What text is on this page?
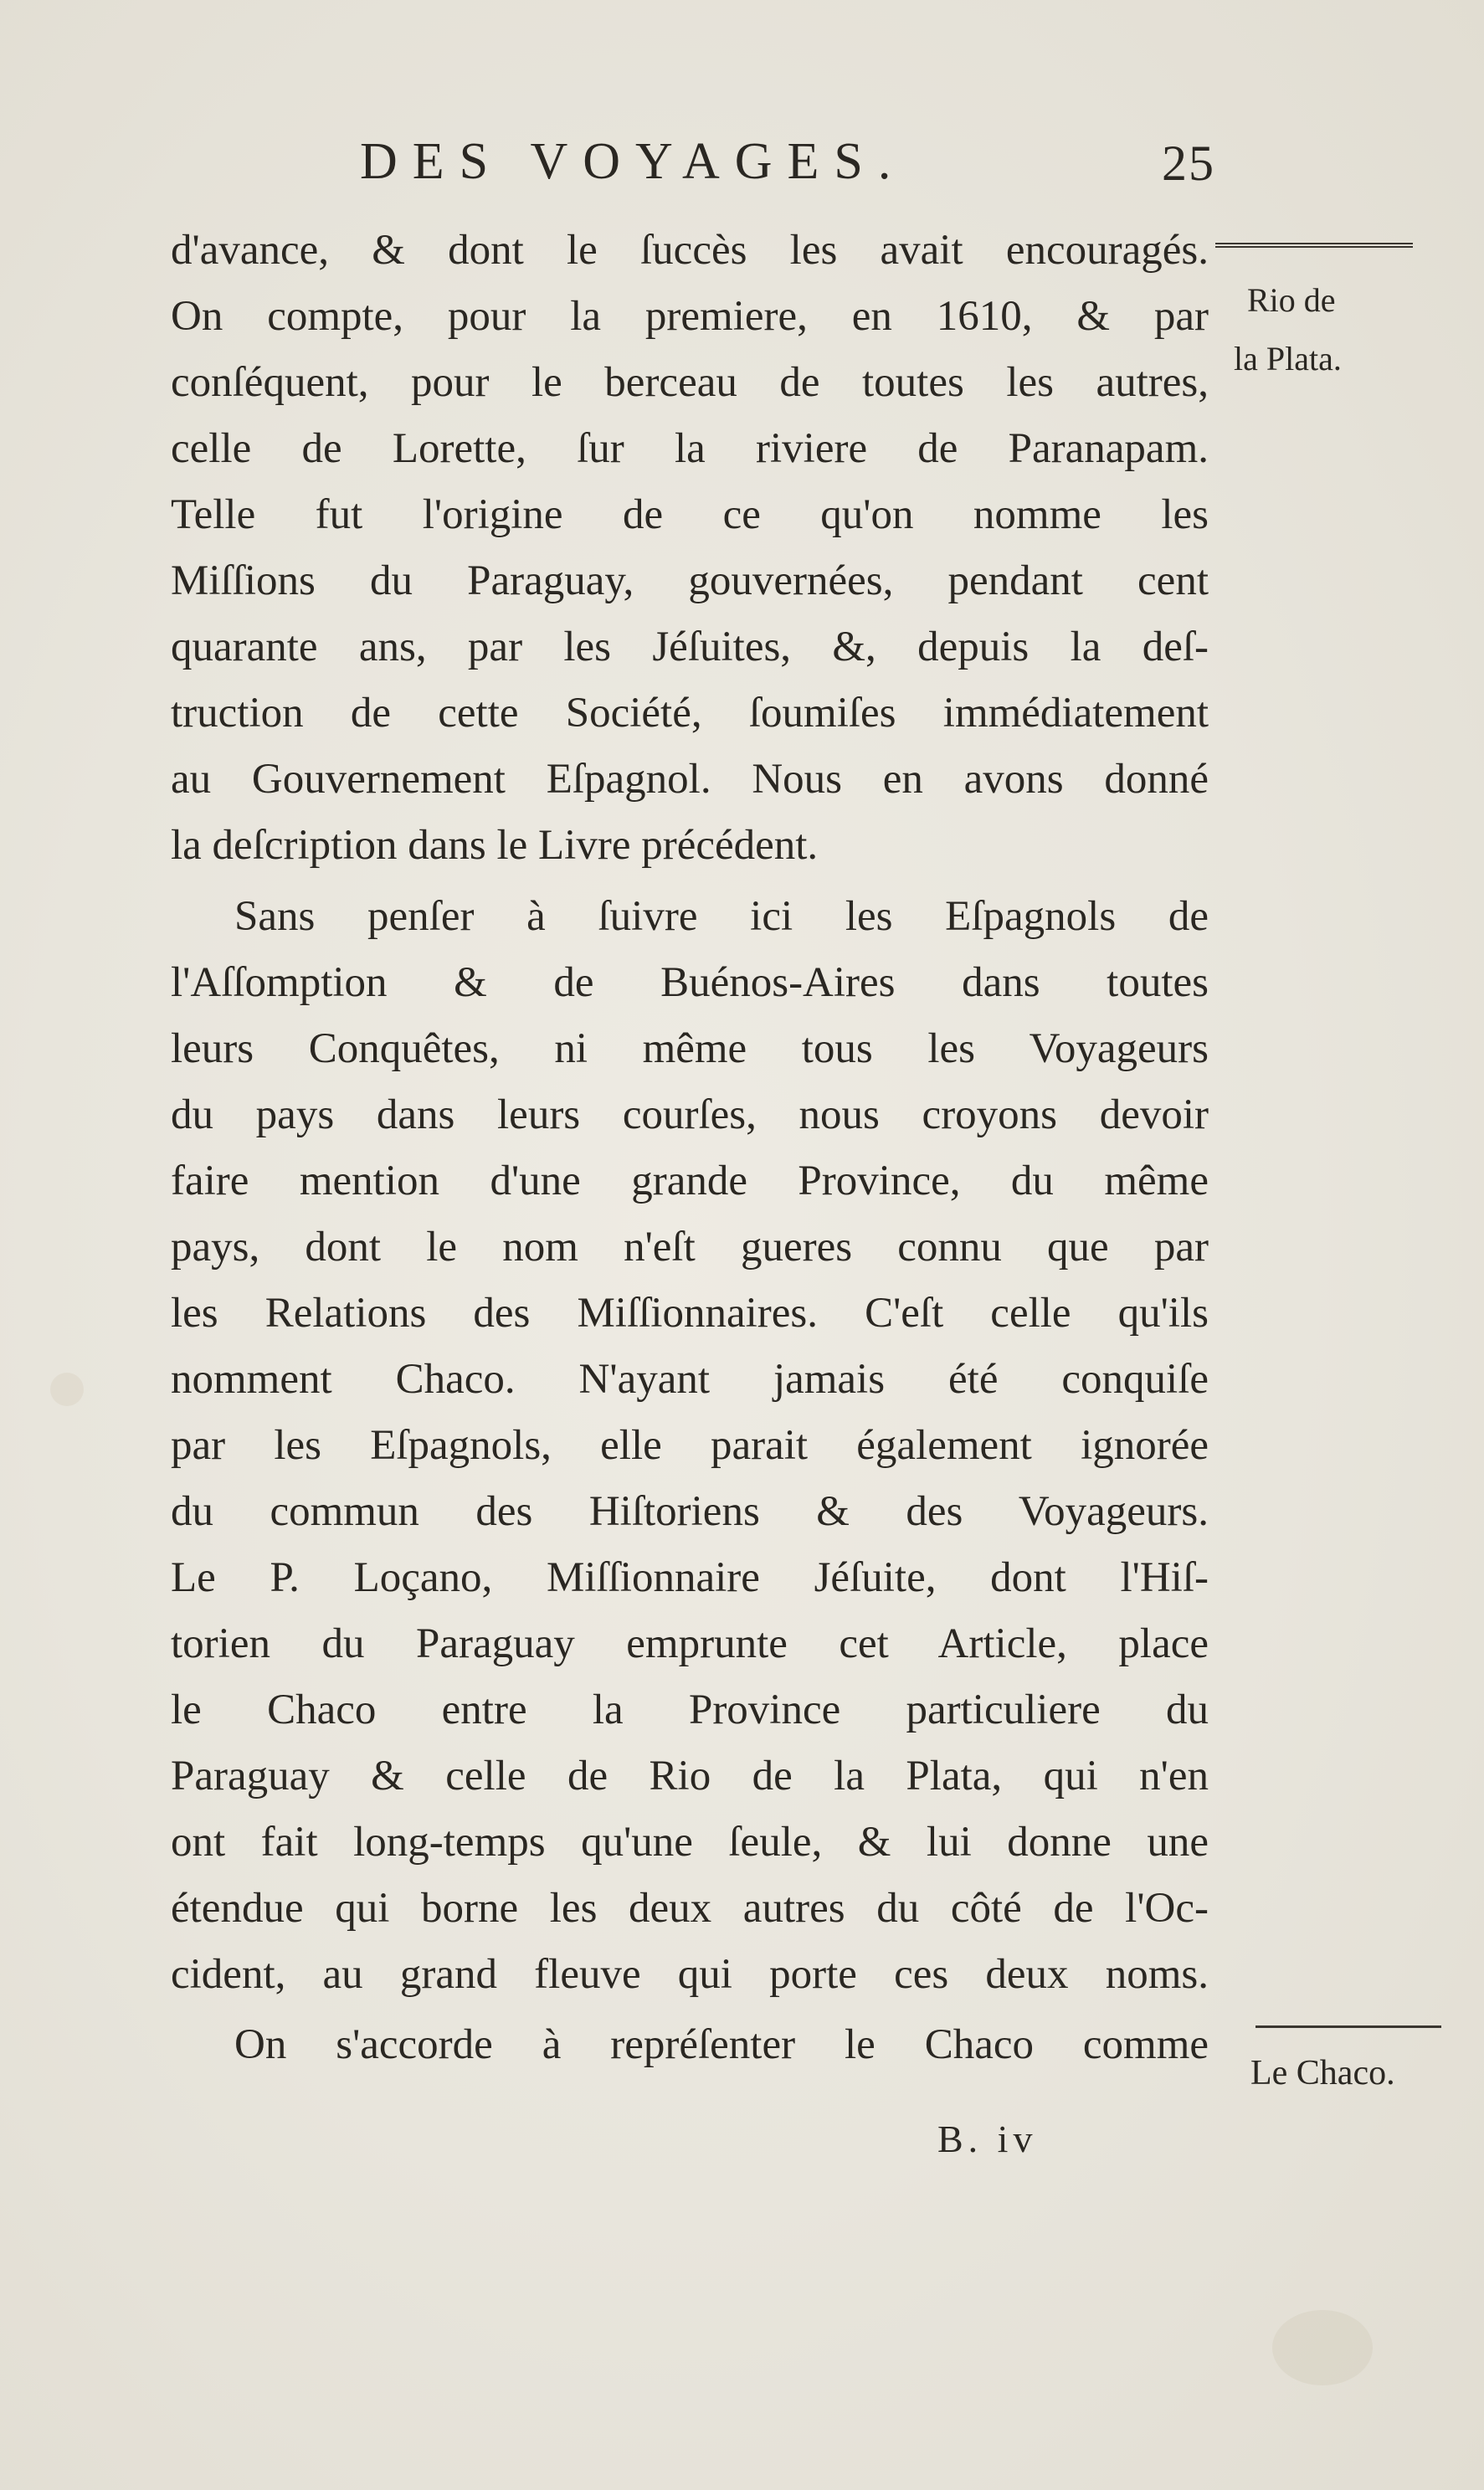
DES VOYAGES.	25
d'avance, & dont le ſuccès les avait encouragés.
On compte, pour la premiere, en 1610, & par
conſéquent, pour le berceau de toutes les autres,
celle de Lorette, ſur la riviere de Paranapam.
Telle fut l'origine de ce qu'on nomme les
Miſſions du Paraguay, gouvernées, pendant cent
quarante ans, par les Jéſuites, &, depuis la deſ-
truction de cette Société, ſoumiſes immédiatement
au Gouvernement Eſpagnol. Nous en avons donné
la deſcription dans le Livre précédent.
Sans penſer à ſuivre ici les Eſpagnols de
l'Aſſomption & de Buénos-Aires dans toutes
leurs Conquêtes, ni même tous les Voyageurs
du pays dans leurs courſes, nous croyons devoir
faire mention d'une grande Province, du même
pays, dont le nom n'eſt gueres connu que par
les Relations des Miſſionnaires. C'eſt celle qu'ils
nomment Chaco. N'ayant jamais été conquiſe
par les Eſpagnols, elle parait également ignorée
du commun des Hiſtoriens & des Voyageurs.
Le P. Loçano, Miſſionnaire Jéſuite, dont l'Hiſ-
torien du Paraguay emprunte cet Article, place
le Chaco entre la Province particuliere du
Paraguay & celle de Rio de la Plata, qui n'en
ont fait long-temps qu'une ſeule, & lui donne une
étendue qui borne les deux autres du côté de l'Oc-
cident, au grand fleuve qui porte ces deux noms.
On s'accorde à repréſenter le Chaco comme
Rio de
la Plata.
Le Chaco.
B. iv
